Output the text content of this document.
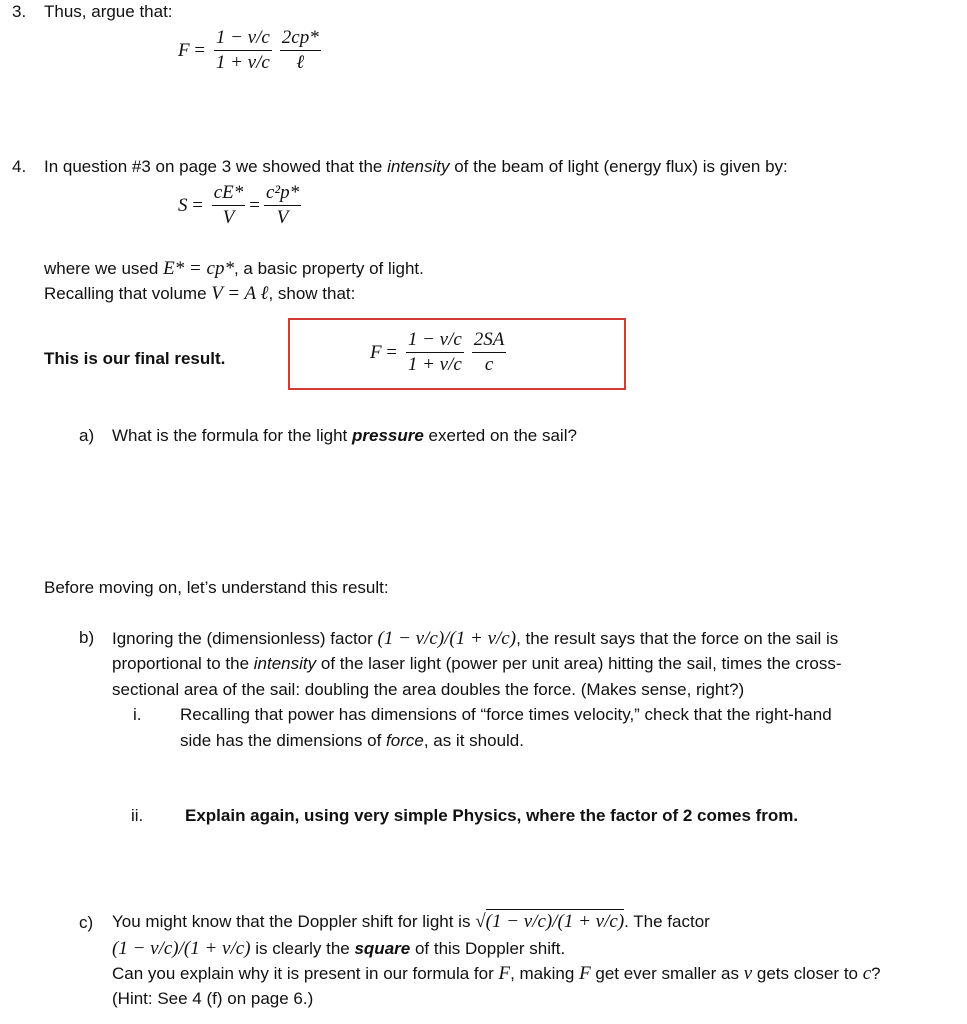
3. Thus, argue that:
$F = \frac{1 - v/c}{1 + v/c} \frac{2cp*}{\text{ℓ}}$
4. In question #3 on page 3 we showed that the intensity of the beam of light (energy flux) is given by:
$S = \frac{cE*}{V} = \frac{\text{c²p*}}{V}$
where we used E* = cp*, a basic property of light.
Recalling that volume V = A ℓ, show that:
This is our final result.	$F = \frac{1 - v/c}{1 + v/c} \frac{2SA}{c}$
a) What is the formula for the light pressure exerted on the sail?
Before moving on, let’s understand this result:
b) Ignoring the (dimensionless) factor (1 − v/c)/(1 + v/c), the result says that the force on the sail is
proportional to the intensity of the laser light (power per unit area) hitting the sail, times the cross-
sectional area of the sail: doubling the area doubles the force. (Makes sense, right?)
i. Recalling that power has dimensions of “force times velocity,” check that the right-hand
side has the dimensions of force, as it should.
ii. Explain again, using very simple Physics, where the factor of 2 comes from.
c) You might know that the Doppler shift for light is √(1 − v/c)/(1 + v/c). The factor
(1 − v/c)/(1 + v/c) is clearly the square of this Doppler shift.
Can you explain why it is present in our formula for F, making F get ever smaller as v gets closer to c?
(Hint: See 4 (f) on page 6.)
